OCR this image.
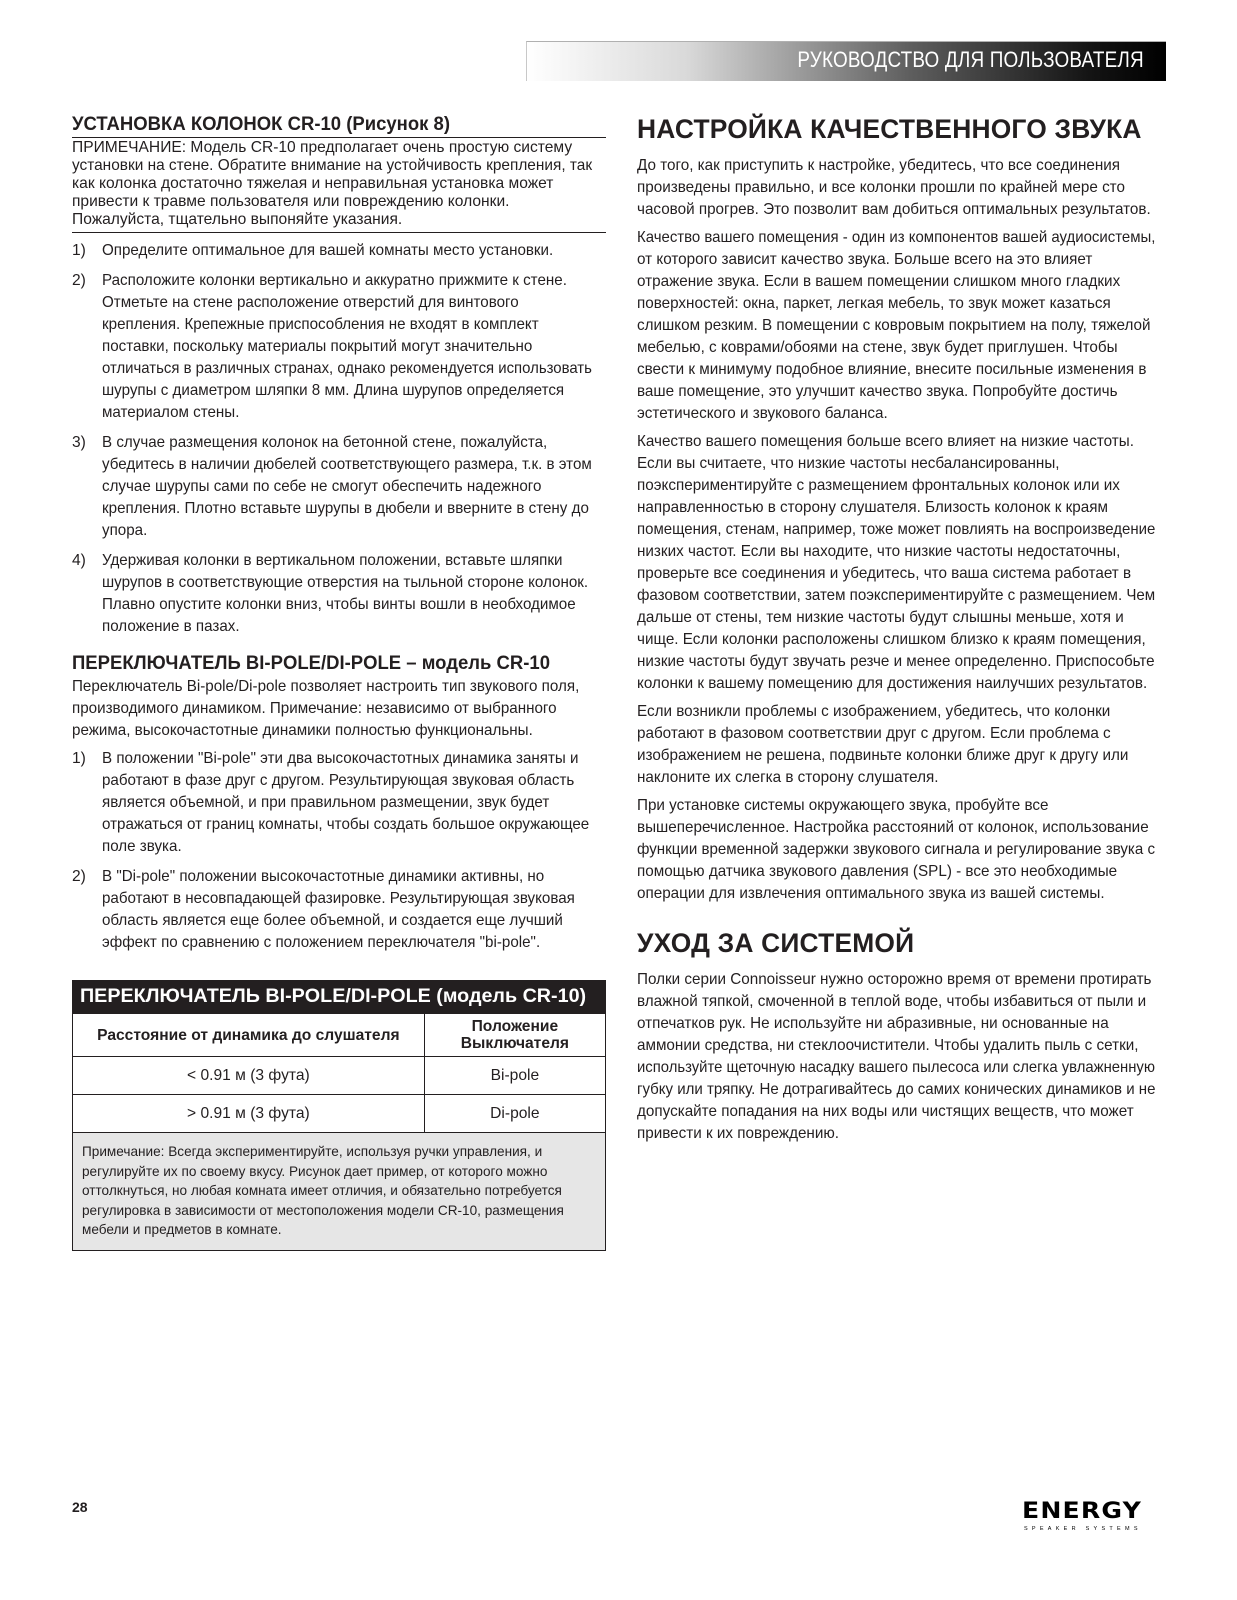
РУКОВОДСТВО ДЛЯ ПОЛЬЗОВАТЕЛЯ
УСТАНОВКА КОЛОНОК CR-10 (Рисунок 8)
ПРИМЕЧАНИЕ: Модель CR-10 предполагает очень простую систему
установки на стене. Обратите внимание на устойчивость крепления, так
как колонка достаточно тяжелая и неправильная установка может
привести к травме пользователя или повреждению колонки.
Пожалуйста, тщательно выпоняйте указания.
1) Определите оптимальное для вашей комнаты место установки.
2) Расположите колонки вертикально и аккуратно прижмите к стене.
Отметьте на стене расположение отверстий для винтового
крепления. Крепежные приспособления не входят в комплект
поставки, поскольку материалы покрытий могут значительно
отличаться в различных странах, однако рекомендуется использовать
шурупы с диаметром шляпки 8 мм. Длина шурупов определяется
материалом стены.
3) В случае размещения колонок на бетонной стене, пожалуйста,
убедитесь в наличии дюбелей соответствующего размера, т.к. в этом
случае шурупы сами по себе не смогут обеспечить надежного
крепления. Плотно вставьте шурупы в дюбели и ввернитe в стену до
упора.
4) Удерживая колонки в вертикальном положении, вставьте шляпки
шурупов в соответствующие отверстия на тыльной стороне колонок.
Плавно опустите колонки вниз, чтобы винты вошли в необходимое
положение в пазах.
ПЕРЕКЛЮЧАТЕЛЬ BI-POLE/DI-POLE – модель CR-10

Переключатель Bi-pole/Di-pole позволяет настроить тип звукового поля,
производимого динамиком. Примечание: независимо от выбранного
режима, высокочастотные динамики полностью функциональны.

1) В положении "Bi-pole" эти два высокочастотных динамика заняты и
работают в фазе друг с другом. Результирующая звуковая область
является объемной, и при правильном размещении, звук будет
отражаться от границ комнаты, чтобы создать большое окружающее
поле звука.
2) В "Di-pole" положении высокочастотные динамики активны, но
работают в несовпадающей фазировке. Результирующая звуковая
область является еще более объемной, и создается еще лучший
эффект по сравнению с положением переключателя "bi-pole".
ПЕРЕКЛЮЧАТЕЛЬ BI-POLE/DI-POLE (модель CR-10)
Расстояние от динамика до слушателя	Положение
Выключателя
< 0.91 м (3 фута)	Bi-pole
> 0.91 м (3 фута)	Di-pole
Примечание: Всегда экспериментируйте, используя ручки управления, и
регулируйте их по своему вкусу. Рисунок дает пример, от которого можно
оттолкнуться, но любая комната имеет отличия, и обязательно потребуется
регулировка в зависимости от местоположения модели CR-10, размещения
мебели и предметов в комнате.
НАСТРОЙКА КАЧЕСТВЕННОГО ЗВУКА

До того, как приступить к настройке, убедитесь, что все соединения
произведены правильно, и все колонки прошли по крайней мере сто
часовой прогрев. Это позволит вам добиться оптимальных результатов.

Качество вашего помещения - один из компонентов вашей аудиосистемы,
от которого зависит качество звука. Больше всего на это влияет
отражение звука. Если в вашем помещении слишком много гладких
поверхностей: окна, паркет, легкая мебель, то звук может казаться
слишком резким. В помещении с ковровым покрытием на полу, тяжелой
мебелью, с коврами/обоями на стене, звук будет приглушен. Чтобы
свести к минимуму подобное влияние, внесите посильные изменения в
ваше помещение, это улучшит качество звука. Попробуйте достичь
эстетического и звукового баланса.

Качество вашего помещения больше всего влияет на низкие частоты.
Если вы считаете, что низкие частоты несбалансированны,
поэкспериментируйте с размещением фронтальных колонок или их
направленностью в сторону слушателя. Близость колонок к краям
помещения, стенам, например, тоже может повлиять на воспроизведение
низких частот. Если вы находите, что низкие частоты недостаточны,
проверьте все соединения и убедитесь, что ваша система работает в
фазовом соответствии, затем поэкспериментируйте с размещением. Чем
дальше от стены, тем низкие частоты будут слышны меньше, хотя и
чище. Если колонки расположены слишком близко к краям помещения,
низкие частоты будут звучать резче и менее определенно. Приспособьте
колонки к вашему помещению для достижения наилучших результатов.

Если возникли проблемы с изображением, убедитесь, что колонки
работают в фазовом соответствии друг с другом. Если проблема с
изображением не решена, подвиньте колонки ближе друг к другу или
наклоните их слегка в сторону слушателя.

При установке системы окружающего звука, пробуйте все
вышеперечисленное. Настройка расстояний от колонок, использование
функции временной задержки звукового сигнала и регулирование звука с
помощью датчика звукового давления (SPL) - все это необходимые
операции для извлечения оптимального звука из вашей системы.

УХОД ЗА СИСТЕМОЙ

Полки серии Connoisseur нужно осторожно время от времени протирать
влажной тяпкой, смоченной в теплой воде, чтобы избавиться от пыли и
отпечатков рук. Не используйте ни абразивные, ни основанные на
аммонии средства, ни стеклоочистители. Чтобы удалить пыль с сетки,
используйте щеточную насадку вашего пылесоса или слегка увлажненную
губку или тряпку. Не дотрагивайтесь до самих конических динамиков и не
допускайте попадания на них воды или чистящих веществ, что может
привести к их повреждению.

28	ENERGY
SPEAKER SYSTEMS
